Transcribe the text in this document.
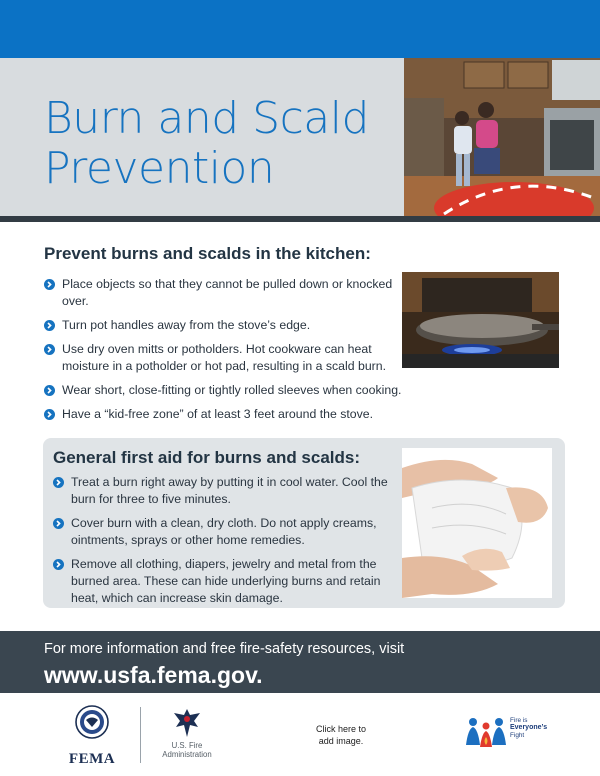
Burn and Scald
Prevention
Prevent burns and scalds in the kitchen:
Place objects so that they cannot be pulled down or knocked over.
Turn pot handles away from the stove’s edge.
Use dry oven mitts or potholders. Hot cookware can heat moisture in a potholder or hot pad, resulting in a scald burn.
Wear short, close-fitting or tightly rolled sleeves when cooking.
Have a “kid-free zone” of at least 3 feet around the stove.
General first aid for burns and scalds:
Treat a burn right away by putting it in cool water. Cool the burn for three to five minutes.
Cover burn with a clean, dry cloth. Do not apply creams, ointments, sprays or other home remedies.
Remove all clothing, diapers, jewelry and metal from the burned area. These can hide underlying burns and retain heat, which can increase skin damage.
For more information and free fire-safety resources, visit
www.usfa.fema.gov.
FEMA
U.S. Fire
Administration
Click here to
add image.
Fire is
Everyone’s
Fight
